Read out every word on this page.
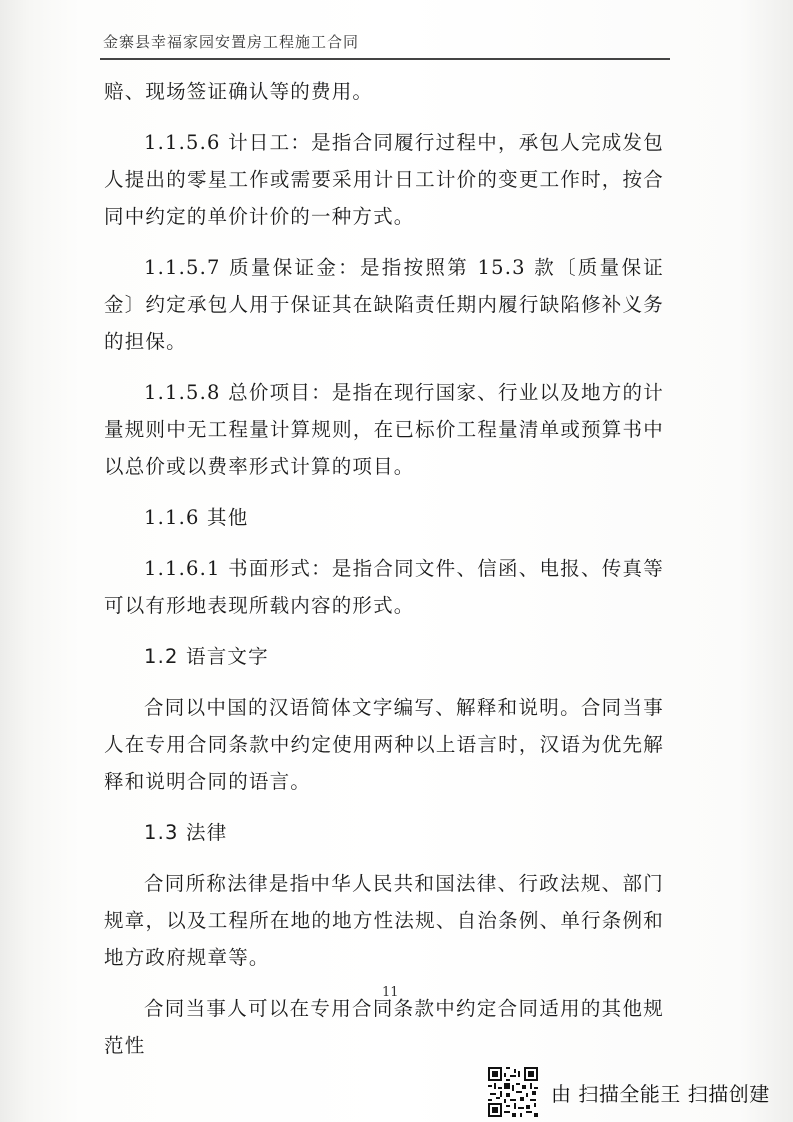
金寨县幸福家园安置房工程施工合同

赔、现场签证确认等的费用。

1.1.5.6 计日工：是指合同履行过程中，承包人完成发包人提出的零星工作或需要采用计日工计价的变更工作时，按合同中约定的单价计价的一种方式。

1.1.5.7 质量保证金：是指按照第 15.3 款〔质量保证金〕约定承包人用于保证其在缺陷责任期内履行缺陷修补义务的担保。

1.1.5.8 总价项目：是指在现行国家、行业以及地方的计量规则中无工程量计算规则，在已标价工程量清单或预算书中以总价或以费率形式计算的项目。

1.1.6 其他

1.1.6.1 书面形式：是指合同文件、信函、电报、传真等可以有形地表现所载内容的形式。

1.2 语言文字

合同以中国的汉语简体文字编写、解释和说明。合同当事人在专用合同条款中约定使用两种以上语言时，汉语为优先解释和说明合同的语言。

1.3 法律

合同所称法律是指中华人民共和国法律、行政法规、部门规章，以及工程所在地的地方性法规、自治条例、单行条例和地方政府规章等。

合同当事人可以在专用合同条款中约定合同适用的其他规范性

11
由 扫描全能王 扫描创建
